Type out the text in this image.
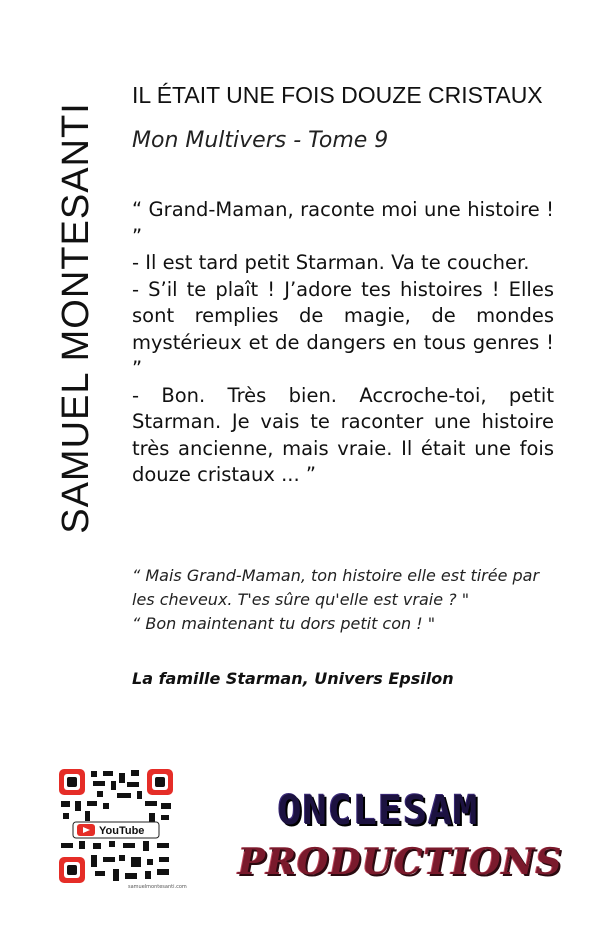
SAMUEL MONTESANTI
IL ÉTAIT UNE FOIS DOUZE CRISTAUX
Mon Multivers - Tome 9

“ Grand-Maman, raconte moi une histoire ! ”

- Il est tard petit Starman. Va te coucher.

- S’il te plaît ! J’adore tes histoires ! Elles sont remplies de magie, de mondes mystérieux et de dangers en tous genres ! ”

- Bon. Très bien. Accroche-toi, petit Starman. Je vais te raconter une histoire très ancienne, mais vraie. Il était une fois douze cristaux ... ”

“ Mais Grand-Maman, ton histoire elle est tirée par les cheveux. T'es sûre qu'elle est vraie ? "

“ Bon maintenant tu dors petit con ! "

La famille Starman, Univers Epsilon
YouTube
samuelmontesanti.com
ONCLESAM
PRODUCTIONS
